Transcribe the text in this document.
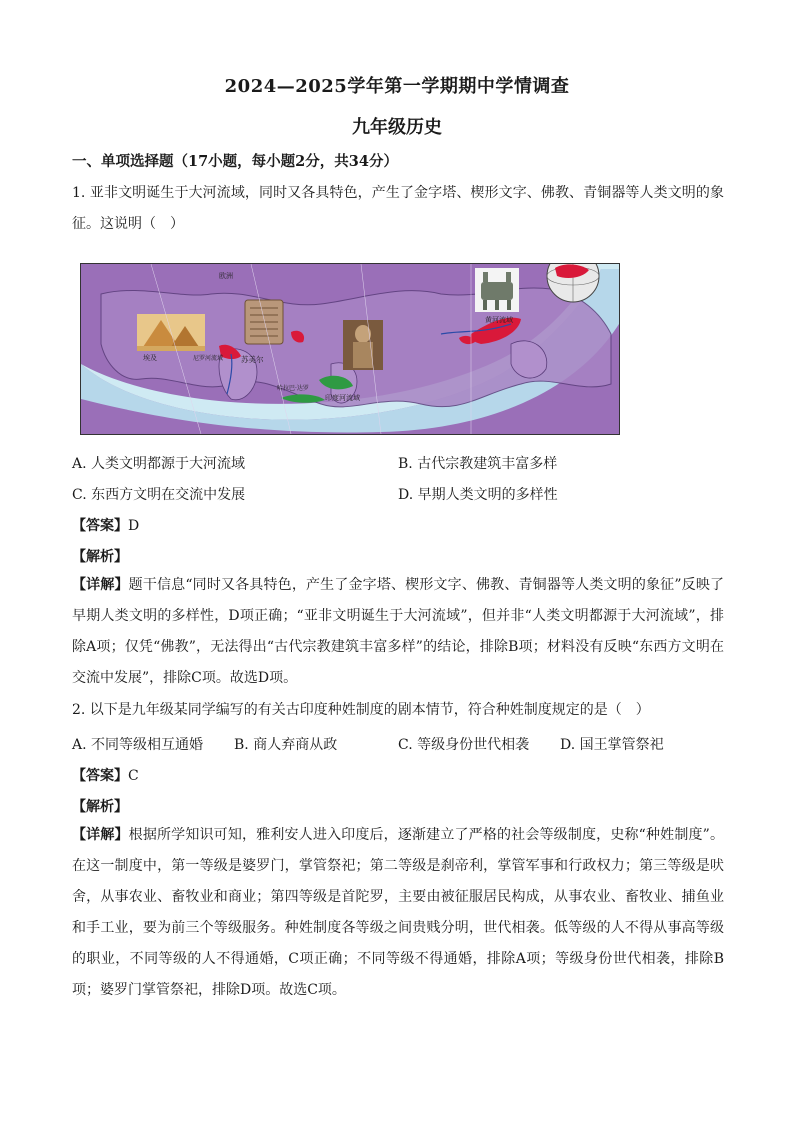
2024—2025学年第一学期期中学情调查
九年级历史
一、单项选择题（17小题，每小题2分，共34分）
1. 亚非文明诞生于大河流域，同时又各具特色，产生了金字塔、楔形文字、佛教、青铜器等人类文明的象征。这说明（　）
欧洲
埃及	尼罗河流域 苏美尔
哈拉巴·达罗
印度河流域
黄河流域
A. 人类文明都源于大河流域	B. 古代宗教建筑丰富多样
C. 东西方文明在交流中发展	D. 早期人类文明的多样性
【答案】D
【解析】
【详解】题干信息“同时又各具特色，产生了金字塔、楔形文字、佛教、青铜器等人类文明的象征”反映了早期人类文明的多样性，D项正确；“亚非文明诞生于大河流域”，但并非“人类文明都源于大河流域”，排除A项；仅凭“佛教”，无法得出“古代宗教建筑丰富多样”的结论，排除B项；材料没有反映“东西方文明在交流中发展”，排除C项。故选D项。
2. 以下是九年级某同学编写的有关古印度种姓制度的剧本情节，符合种姓制度规定的是（　）
A. 不同等级相互通婚 B. 商人弃商从政	C. 等级身份世代相袭 D. 国王掌管祭祀
【答案】C
【解析】
【详解】根据所学知识可知，雅利安人进入印度后，逐渐建立了严格的社会等级制度，史称“种姓制度”。在这一制度中，第一等级是婆罗门，掌管祭祀；第二等级是刹帝利，掌管军事和行政权力；第三等级是吠舍，从事农业、畜牧业和商业；第四等级是首陀罗，主要由被征服居民构成，从事农业、畜牧业、捕鱼业和手工业，要为前三个等级服务。种姓制度各等级之间贵贱分明，世代相袭。低等级的人不得从事高等级的职业，不同等级的人不得通婚，C项正确；不同等级不得通婚，排除A项；等级身份世代相袭，排除B项；婆罗门掌管祭祀，排除D项。故选C项。
